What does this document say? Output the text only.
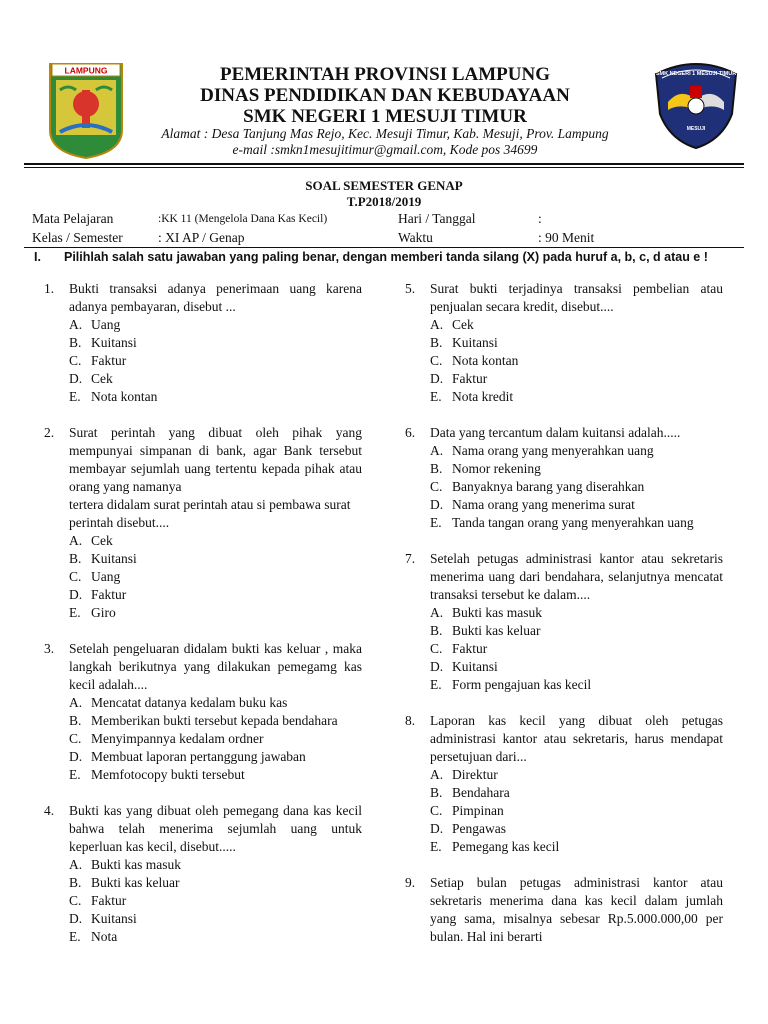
LAMPUNG	SMK NEGERI 1 MESUJI TIMUR
MESUJI
PEMERINTAH PROVINSI LAMPUNG
DINAS PENDIDIKAN DAN KEBUDAYAAN
SMK NEGERI 1 MESUJI TIMUR
Alamat : Desa Tanjung Mas Rejo, Kec. Mesuji Timur, Kab. Mesuji, Prov. Lampung
e-mail :smkn1mesujitimur@gmail.com, Kode pos 34699
SOAL SEMESTER GENAP
T.P2018/2019
Mata Pelajaran	:KK 11 (Mengelola Dana Kas Kecil)	Hari / Tanggal	:
Kelas / Semester	: XI AP / Genap	Waktu	: 90 Menit
I. Pilihlah salah satu jawaban yang paling benar, dengan memberi tanda silang (X) pada huruf a, b, c, d atau e !
1. Bukti transaksi adanya penerimaan uang karena adanya pembayaran, disebut ...
A. Uang
B. Kuitansi
C. Faktur
D. Cek
E. Nota kontan
2. Surat perintah yang dibuat oleh pihak yang mempunyai simpanan di bank, agar Bank tersebut membayar sejumlah uang tertentu kepada pihak atau orang yang namanya
tertera didalam surat perintah atau si pembawa surat perintah disebut....
A. Cek
B. Kuitansi
C. Uang
D. Faktur
E. Giro
3. Setelah pengeluaran didalam bukti kas keluar , maka langkah berikutnya yang dilakukan pemegamg kas kecil adalah....
A. Mencatat datanya kedalam buku kas
B. Memberikan bukti tersebut kepada bendahara
C. Menyimpannya kedalam ordner
D. Membuat laporan pertanggung jawaban
E. Memfotocopy bukti tersebut
4. Bukti kas yang dibuat oleh pemegang dana kas kecil bahwa telah menerima sejumlah uang untuk keperluan kas kecil, disebut.....
A. Bukti kas masuk
B. Bukti kas keluar
C. Faktur
D. Kuitansi
E. Nota
5. Surat bukti terjadinya transaksi pembelian atau penjualan secara kredit, disebut....
A. Cek
B. Kuitansi
C. Nota kontan
D. Faktur
E. Nota kredit
6. Data yang tercantum dalam kuitansi adalah.....
A. Nama orang yang menyerahkan uang
B. Nomor rekening
C. Banyaknya barang yang diserahkan
D. Nama orang yang menerima surat
E. Tanda tangan orang yang menyerahkan uang
7. Setelah petugas administrasi kantor atau sekretaris menerima uang dari bendahara, selanjutnya mencatat transaksi tersebut ke dalam....
A. Bukti kas masuk
B. Bukti kas keluar
C. Faktur
D. Kuitansi
E. Form pengajuan kas kecil
8. Laporan kas kecil yang dibuat oleh petugas administrasi kantor atau sekretaris, harus mendapat persetujuan dari...
A. Direktur
B. Bendahara
C. Pimpinan
D. Pengawas
E. Pemegang kas kecil
9. Setiap bulan petugas administrasi kantor atau sekretaris menerima dana kas kecil dalam jumlah yang sama, misalnya sebesar Rp.5.000.000,00 per bulan. Hal ini berarti
